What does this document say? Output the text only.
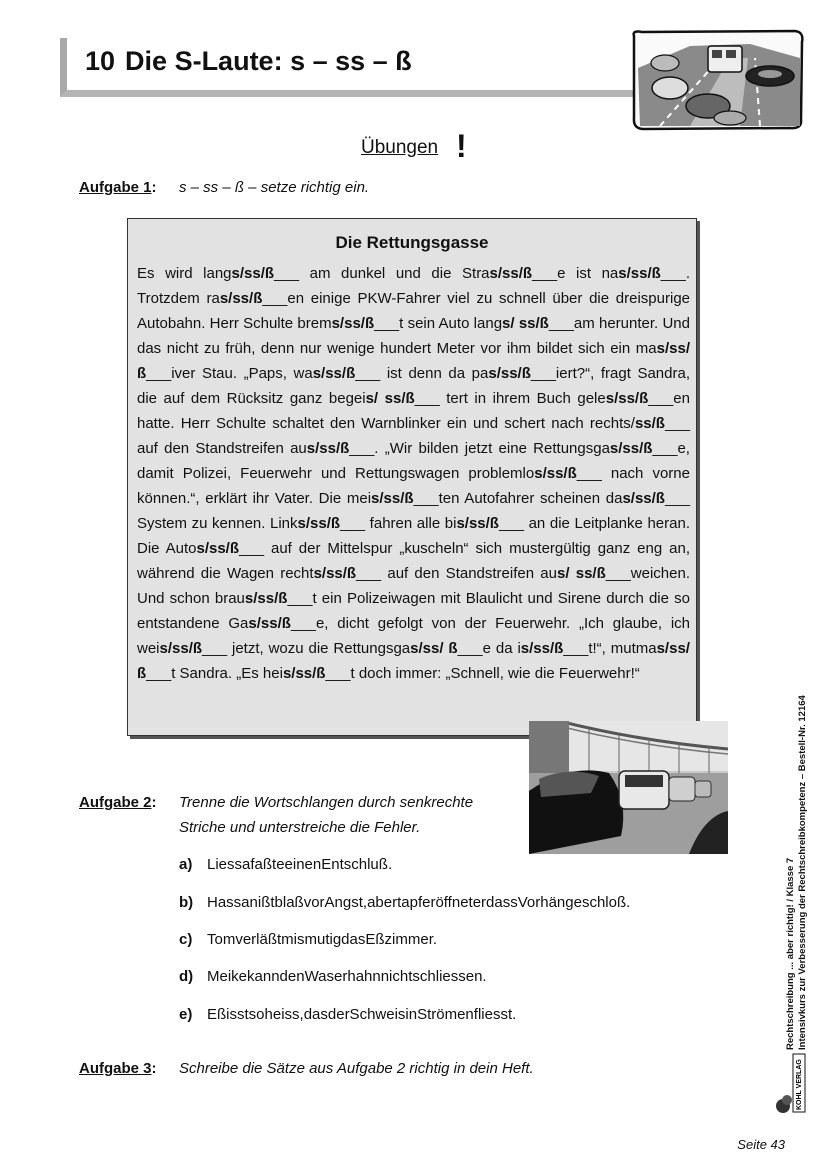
10 Die S-Laute: s – ss – ß
Übungen !
Aufgabe 1: s – ss – ß – setze richtig ein.
Die Rettungsgasse
Es wird langs/ss/ß___ am dunkel und die Stras/ss/ß___e ist nas/ss/ß___. Trotzdem ras/ss/ß___en einige PKW-Fahrer viel zu schnell über die dreispurige Autobahn. Herr Schulte brems/ss/ß___t sein Auto langs/ ss/ß___am herunter. Und das nicht zu früh, denn nur wenige hundert Meter vor ihm bildet sich ein mas/ss/ß___iver Stau. „Paps, was/ss/ß___ ist denn da pas/ss/ß___iert?“, fragt Sandra, die auf dem Rücksitz ganz begeis/ ss/ß___ tert in ihrem Buch geles/ss/ß___en hatte. Herr Schulte schaltet den Warnblinker ein und schert nach rechts/ss/ß___ auf den Standstreifen aus/ss/ß___. „Wir bilden jetzt eine Rettungsgas/ss/ß___e, damit Polizei, Feuerwehr und Rettungswagen problemlos/ss/ß___ nach vorne können.“, erklärt ihr Vater. Die meis/ss/ß___ten Autofahrer scheinen das/ss/ß___ System zu kennen. Links/ss/ß___ fahren alle bis/ss/ß___ an die Leitplanke heran. Die Autos/ss/ß___ auf der Mittelspur „kuscheln“ sich mustergültig ganz eng an, während die Wagen rechts/ss/ß___ auf den Standstreifen aus/ ss/ß___weichen. Und schon braus/ss/ß___t ein Polizeiwagen mit Blaulicht und Sirene durch die so entstandene Gas/ss/ß___e, dicht gefolgt von der Feuerwehr. „Ich glaube, ich weis/ss/ß___ jetzt, wozu die Rettungsgas/ss/ ß___e da is/ss/ß___t!“, mutmas/ss/ß___t Sandra. „Es heis/ss/ß___t doch immer: „Schnell, wie die Feuerwehr!“
Aufgabe 2: Trenne die Wortschlangen durch senkrechte
Striche und unterstreiche die Fehler.
a) LiessafaßteeinenEntschluß.
b) HassanißtblaßvorAngst,abertapferöffneterdassVorhängeschloß.
c) TomverläßtmismutigdasEßzimmer.
d) MeikekanndenWaserhahnnichtschliessen.
e) Eßisstsoheiss,dasderSchweisinStrömenfliesst.
Aufgabe 3: Schreibe die Sätze aus Aufgabe 2 richtig in dein Heft.
Rechtschreibung ... aber richtig! / Klasse 7 Intensivkurs zur Verbesserung der Rechtschreibkompetenz – Bestell-Nr. 12164
KOHL VERLAG
Seite 43
